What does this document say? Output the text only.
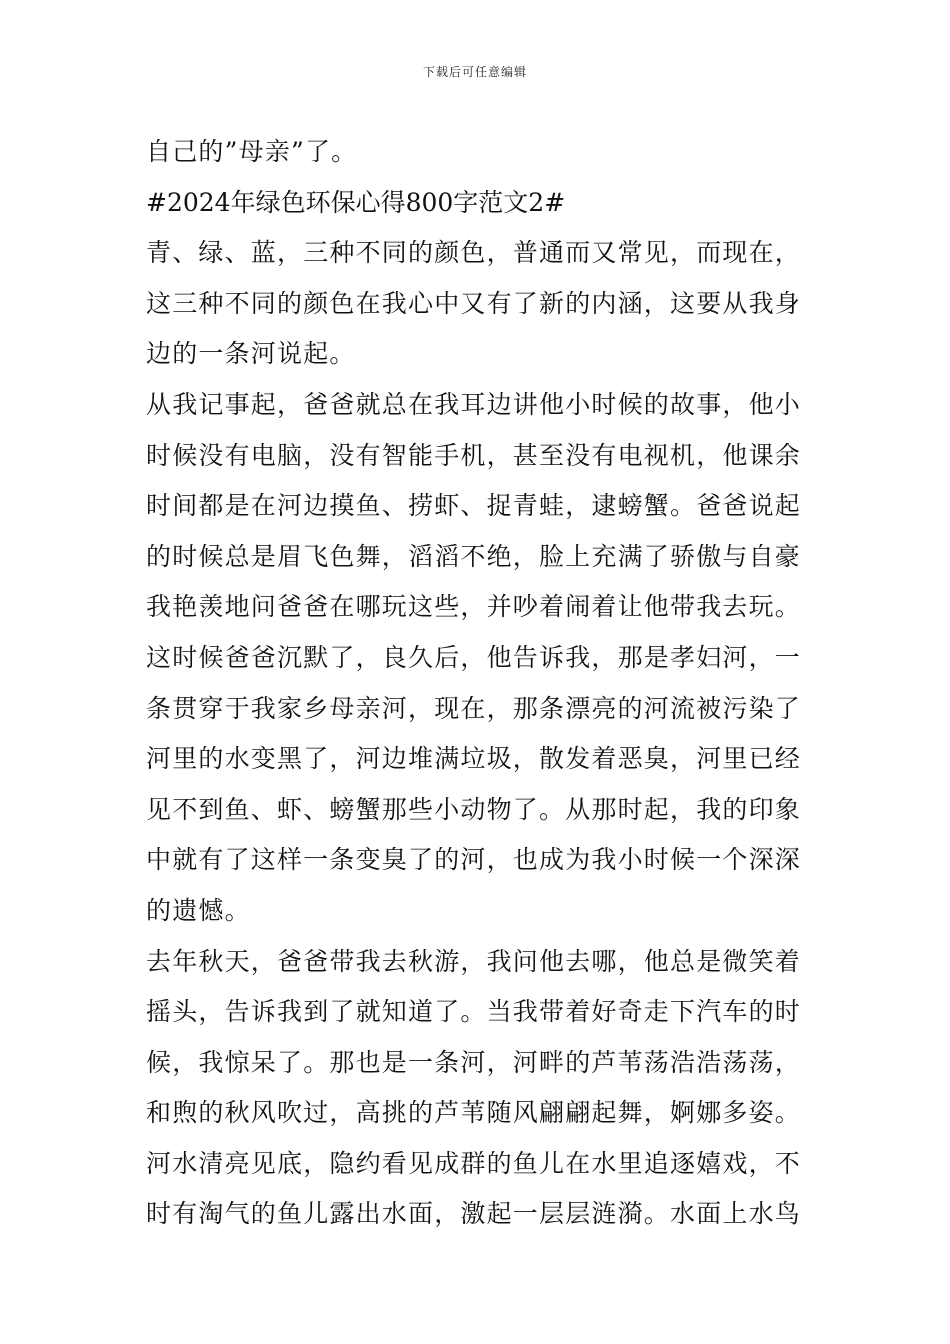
下载后可任意编辑
自己的”母亲”了。
#2024年绿色环保心得800字范文2#
青、绿、蓝，三种不同的颜色，普通而又常见，而现在，
这三种不同的颜色在我心中又有了新的内涵，这要从我身
边的一条河说起。
从我记事起，爸爸就总在我耳边讲他小时候的故事，他小
时候没有电脑，没有智能手机，甚至没有电视机，他课余
时间都是在河边摸鱼、捞虾、捉青蛙，逮螃蟹。爸爸说起
的时候总是眉飞色舞，滔滔不绝，脸上充满了骄傲与自豪
我艳羡地问爸爸在哪玩这些，并吵着闹着让他带我去玩。
这时候爸爸沉默了，良久后，他告诉我，那是孝妇河，一
条贯穿于我家乡母亲河，现在，那条漂亮的河流被污染了
河里的水变黑了，河边堆满垃圾，散发着恶臭，河里已经
见不到鱼、虾、螃蟹那些小动物了。从那时起，我的印象
中就有了这样一条变臭了的河，也成为我小时候一个深深
的遗憾。
去年秋天，爸爸带我去秋游，我问他去哪，他总是微笑着
摇头，告诉我到了就知道了。当我带着好奇走下汽车的时
候，我惊呆了。那也是一条河，河畔的芦苇荡浩浩荡荡，
和煦的秋风吹过，高挑的芦苇随风翩翩起舞，婀娜多姿。
河水清亮见底，隐约看见成群的鱼儿在水里追逐嬉戏，不
时有淘气的鱼儿露出水面，激起一层层涟漪。水面上水鸟
